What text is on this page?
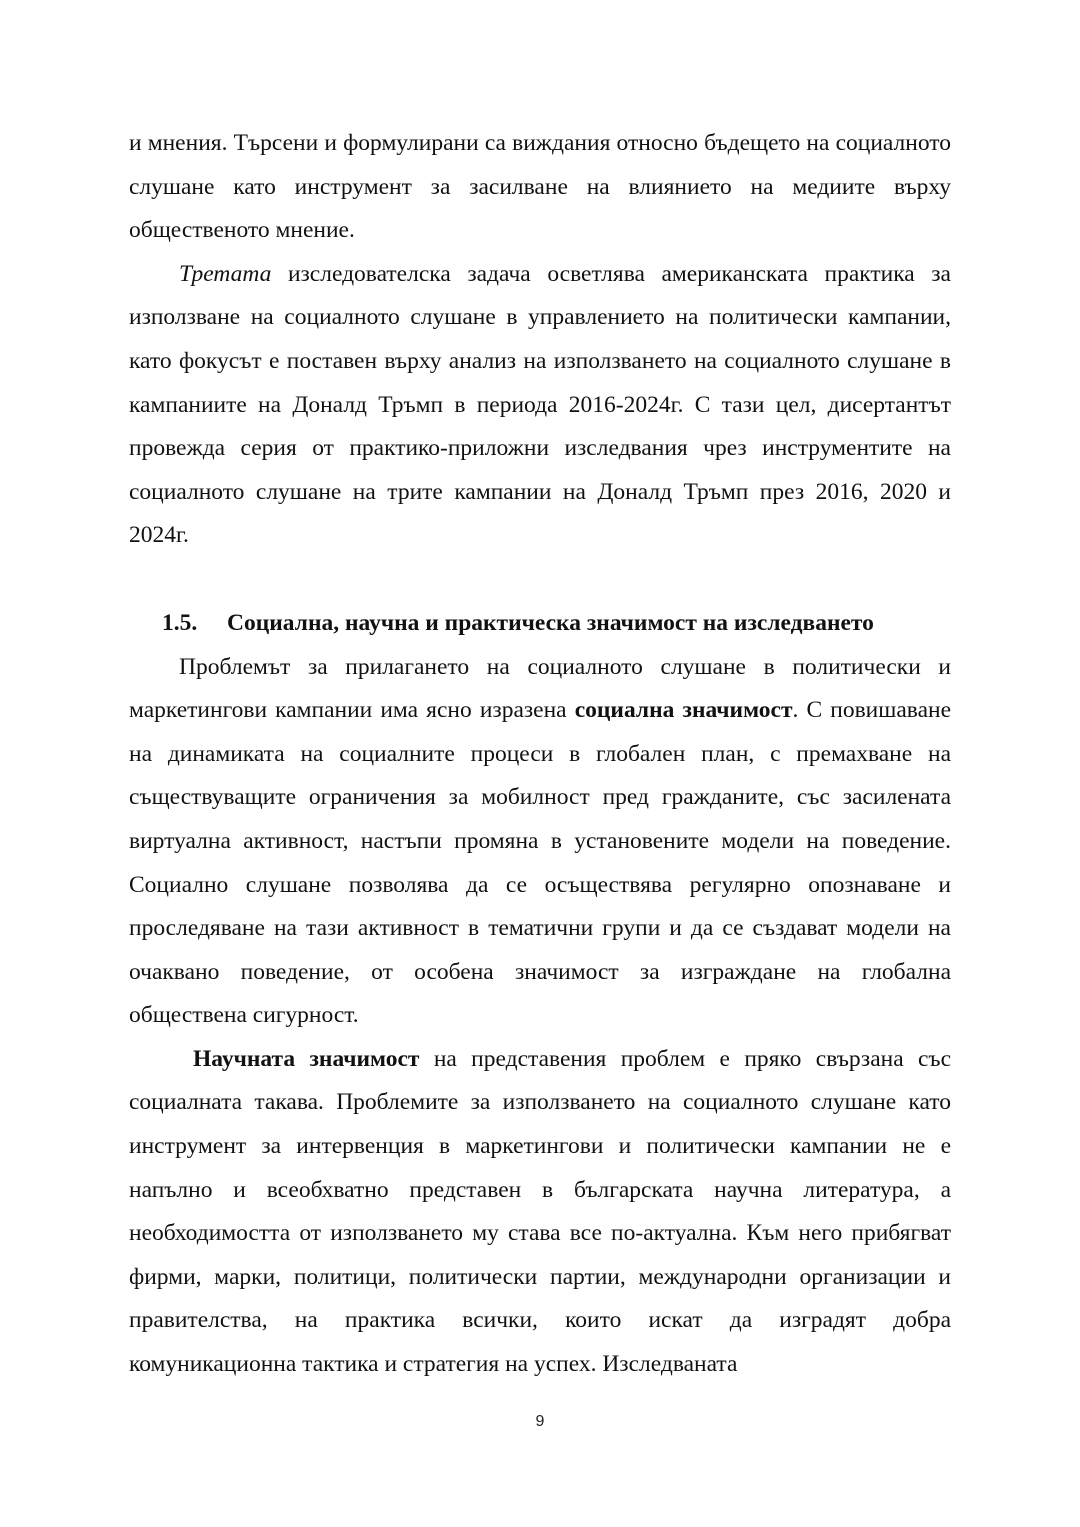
и мнения. Търсени и формулирани са виждания относно бъдещето на социалното слушане като инструмент за засилване на влиянието на медиите върху общественото мнение.

Третата изследователска задача осветлява американската практика за използване на социалното слушане в управлението на политически кампании, като фокусът е поставен върху анализ на използването на социалното слушане в кампаниите на Доналд Тръмп в периода 2016-2024г. С тази цел, дисертантът провежда серия от практико-приложни изследвания чрез инструментите на социалното слушане на трите кампании на Доналд Тръмп през 2016, 2020 и 2024г.

1.5. Социална, научна и практическа значимост на изследването

Проблемът за прилагането на социалното слушане в политически и маркетингови кампании има ясно изразена социална значимост. С повишаване на динамиката на социалните процеси в глобален план, с премахване на съществуващите ограничения за мобилност пред гражданите, със засилената виртуална активност, настъпи промяна в установените модели на поведение. Социално слушане позволява да се осъществява регулярно опознаване и проследяване на тази активност в тематични групи и да се създават модели на очаквано поведение, от особена значимост за изграждане на глобална обществена сигурност.

Научната значимост на представения проблем е пряко свързана със социалната такава. Проблемите за използването на социалното слушане като инструмент за интервенция в маркетингови и политически кампании не е напълно и всеобхватно представен в българската научна литература, а необходимостта от използването му става все по-актуална. Към него прибягват фирми, марки, политици, политически партии, международни организации и правителства, на практика всички, които искат да изградят добра комуникационна тактика и стратегия на успех. Изследваната

9
